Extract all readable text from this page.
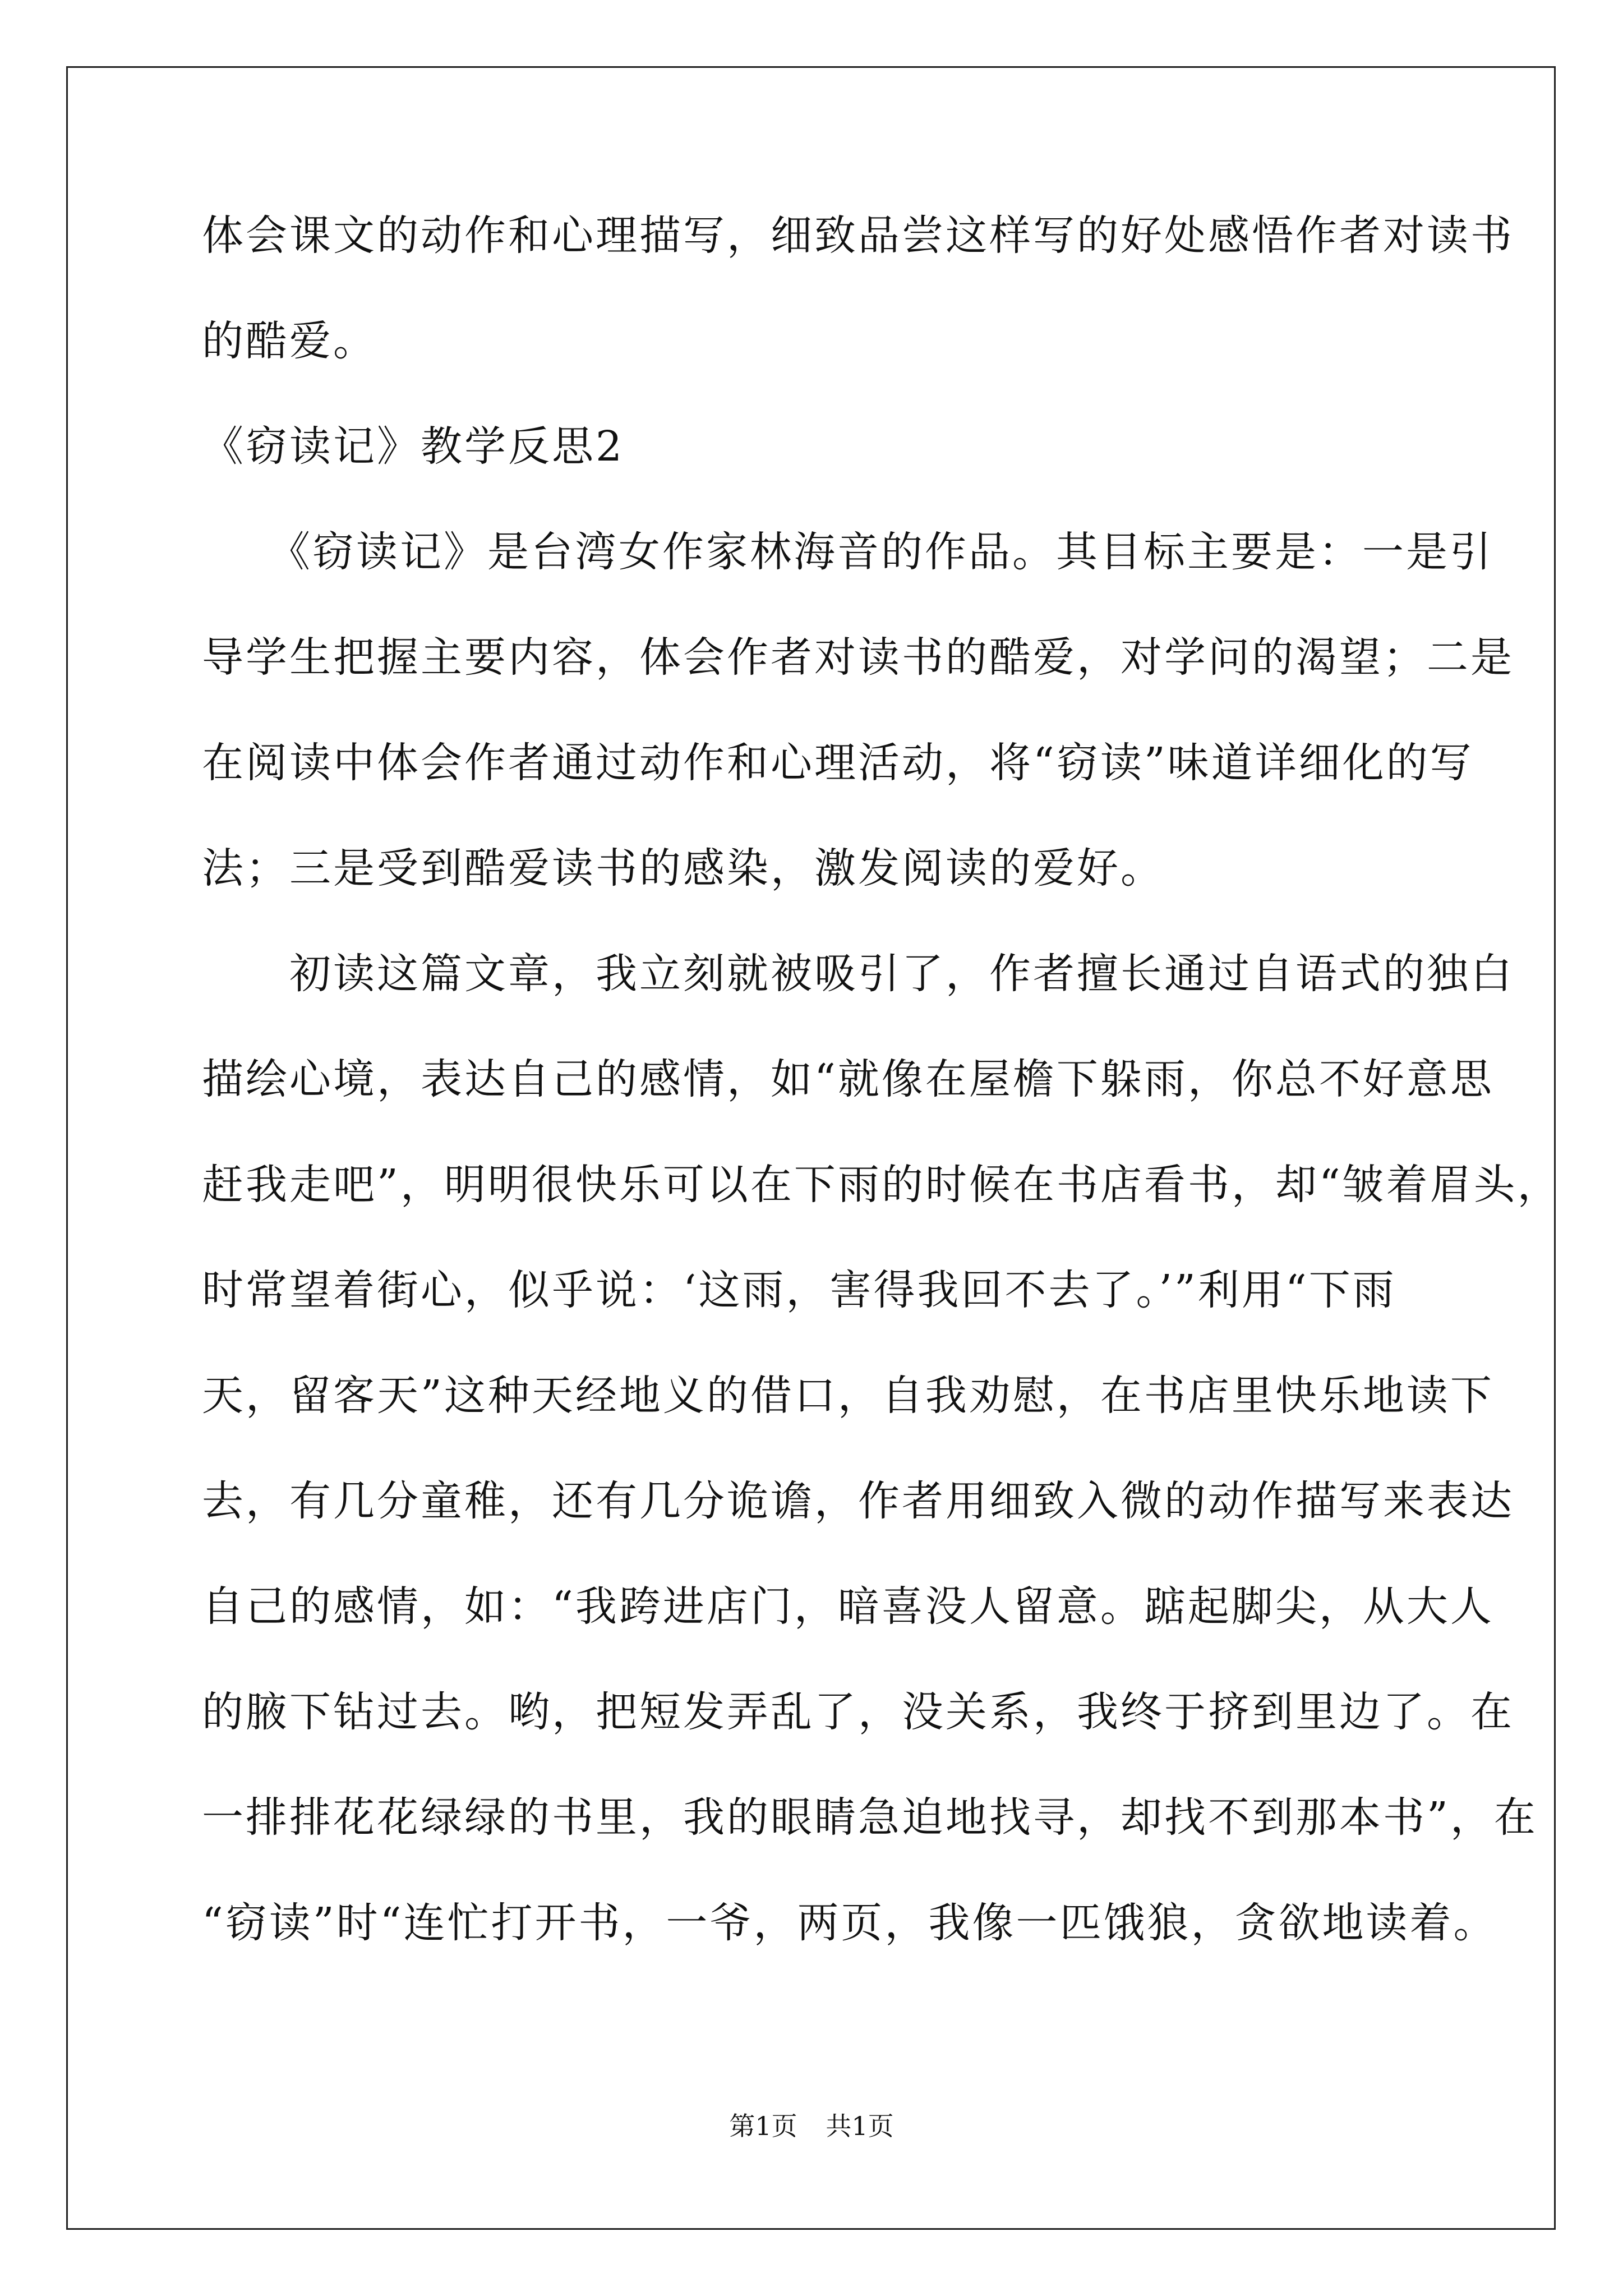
体会课文的动作和心理描写，细致品尝这样写的好处感悟作者对读书
的酷爱。
《窃读记》教学反思2
　　《窃读记》是台湾女作家林海音的作品。其目标主要是：一是引
导学生把握主要内容，体会作者对读书的酷爱，对学问的渴望；二是
在阅读中体会作者通过动作和心理活动，将“窃读”味道详细化的写
法；三是受到酷爱读书的感染，激发阅读的爱好。
　　初读这篇文章，我立刻就被吸引了，作者擅长通过自语式的独白
描绘心境，表达自己的感情，如“就像在屋檐下躲雨，你总不好意思
赶我走吧”，明明很快乐可以在下雨的时候在书店看书，却“皱着眉头，
时常望着街心，似乎说：‘这雨，害得我回不去了。’”利用“下雨
天，留客天”这种天经地义的借口，自我劝慰，在书店里快乐地读下
去，有几分童稚，还有几分诡谵，作者用细致入微的动作描写来表达
自己的感情，如：“我跨进店门，暗喜没人留意。踮起脚尖，从大人
的腋下钻过去。哟，把短发弄乱了，没关系，我终于挤到里边了。在
一排排花花绿绿的书里，我的眼睛急迫地找寻，却找不到那本书”，在
“窃读”时“连忙打开书，一爷，两页，我像一匹饿狼，贪欲地读着。
第1页 共1页
